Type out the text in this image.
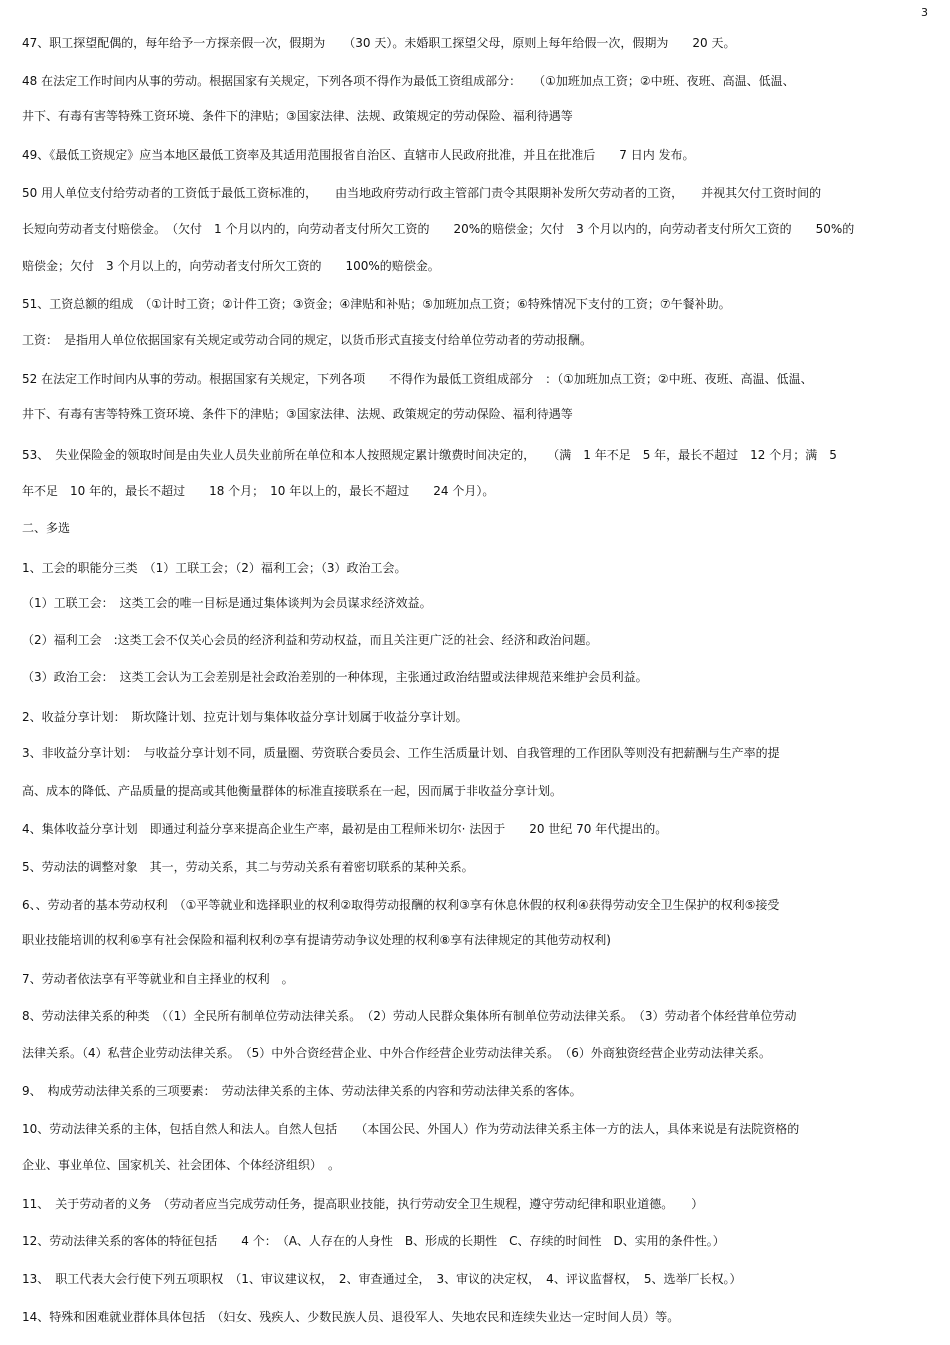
3
47、职工探望配偶的，每年给予一方探亲假一次，假期为　　（30 天）。未婚职工探望父母，原则上每年给假一次，假期为　　20 天。
48 在法定工作时间内从事的劳动。根据国家有关规定，下列各项不得作为最低工资组成部分：　　（①加班加点工资；②中班、夜班、高温、低温、
井下、有毒有害等特殊工资环境、条件下的津贴；③国家法律、法规、政策规定的劳动保险、福利待遇等
49、《最低工资规定》应当本地区最低工资率及其适用范围报省自治区、直辖市人民政府批准，并且在批准后　　7 日内 发布。
50 用人单位支付给劳动者的工资低于最低工资标准的，　　由当地政府劳动行政主管部门责令其限期补发所欠劳动者的工资，　　并视其欠付工资时间的
长短向劳动者支付赔偿金。　（欠付　1 个月以内的，向劳动者支付所欠工资的　　20%的赔偿金；欠付　3 个月以内的，向劳动者支付所欠工资的　　50%的
赔偿金；欠付　3 个月以上的，向劳动者支付所欠工资的　　100%的赔偿金。
51、工资总额的组成　（①计时工资；②计件工资；③资金；④津贴和补贴；⑤加班加点工资；⑥特殊情况下支付的工资；⑦午餐补助。
工资：　是指用人单位依据国家有关规定或劳动合同的规定，以货币形式直接支付给单位劳动者的劳动报酬。
52 在法定工作时间内从事的劳动。根据国家有关规定，下列各项　　不得作为最低工资组成部分　：（①加班加点工资；②中班、夜班、高温、低温、
井下、有毒有害等特殊工资环境、条件下的津贴；③国家法律、法规、政策规定的劳动保险、福利待遇等
53、　失业保险金的领取时间是由失业人员失业前所在单位和本人按照规定累计缴费时间决定的，　　（满　1 年不足　5 年，最长不超过　12 个月；满　5
年不足　10 年的，最长不超过　　18 个月；　10 年以上的，最长不超过　　24 个月）。
二、多选
1、工会的职能分三类　（1）工联工会；（2）福利工会；（3）政治工会。
（1）工联工会：　这类工会的唯一目标是通过集体谈判为会员谋求经济效益。
（2）福利工会　:这类工会不仅关心会员的经济利益和劳动权益，而且关注更广泛的社会、经济和政治问题。
（3）政治工会：　这类工会认为工会差别是社会政治差别的一种体现，主张通过政治结盟或法律规范来维护会员利益。
2、收益分享计划：　斯坎隆计划、拉克计划与集体收益分享计划属于收益分享计划。
3、非收益分享计划：　与收益分享计划不同，质量圈、劳资联合委员会、工作生活质量计划、自我管理的工作团队等则没有把薪酬与生产率的提
高、成本的降低、产品质量的提高或其他衡量群体的标准直接联系在一起，因而属于非收益分享计划。
4、集体收益分享计划　即通过利益分享来提高企业生产率，最初是由工程师米切尔· 法因于　　20 世纪 70 年代提出的。
5、劳动法的调整对象　其一，劳动关系，其二与劳动关系有着密切联系的某种关系。
6、、劳动者的基本劳动权利　（①平等就业和选择职业的权利②取得劳动报酬的权利③享有休息休假的权利④获得劳动安全卫生保护的权利⑤接受
职业技能培训的权利⑥享有社会保险和福利权利⑦享有提请劳动争议处理的权利⑧享有法律规定的其他劳动权利)
7、劳动者依法享有平等就业和自主择业的权利　。
8、劳动法律关系的种类　（（1）全民所有制单位劳动法律关系。　（2）劳动人民群众集体所有制单位劳动法律关系。　（3）劳动者个体经营单位劳动
法律关系。（4）私营企业劳动法律关系。　（5）中外合资经营企业、中外合作经营企业劳动法律关系。　（6）外商独资经营企业劳动法律关系。
9、　构成劳动法律关系的三项要素：　劳动法律关系的主体、劳动法律关系的内容和劳动法律关系的客体。
10、劳动法律关系的主体，包括自然人和法人。自然人包括　　（本国公民、外国人）作为劳动法律关系主体一方的法人，具体来说是有法院资格的
企业、事业单位、国家机关、社会团体、个体经济组织）　。
11、　关于劳动者的义务　（劳动者应当完成劳动任务，提高职业技能，执行劳动安全卫生规程，遵守劳动纪律和职业道德。　　）
12、劳动法律关系的客体的特征包括　　4 个：　（A、人存在的人身性　B、形成的长期性　C、存续的时间性　D、实用的条件性。）
13、　职工代表大会行使下列五项职权　（1、审议建议权，　2、审查通过全，　3、审议的决定权，　4、评议监督权，　5、选举厂长权。）
14、特殊和困难就业群体具体包括　（妇女、残疾人、少数民族人员、退役军人、失地农民和连续失业达一定时间人员）等。
